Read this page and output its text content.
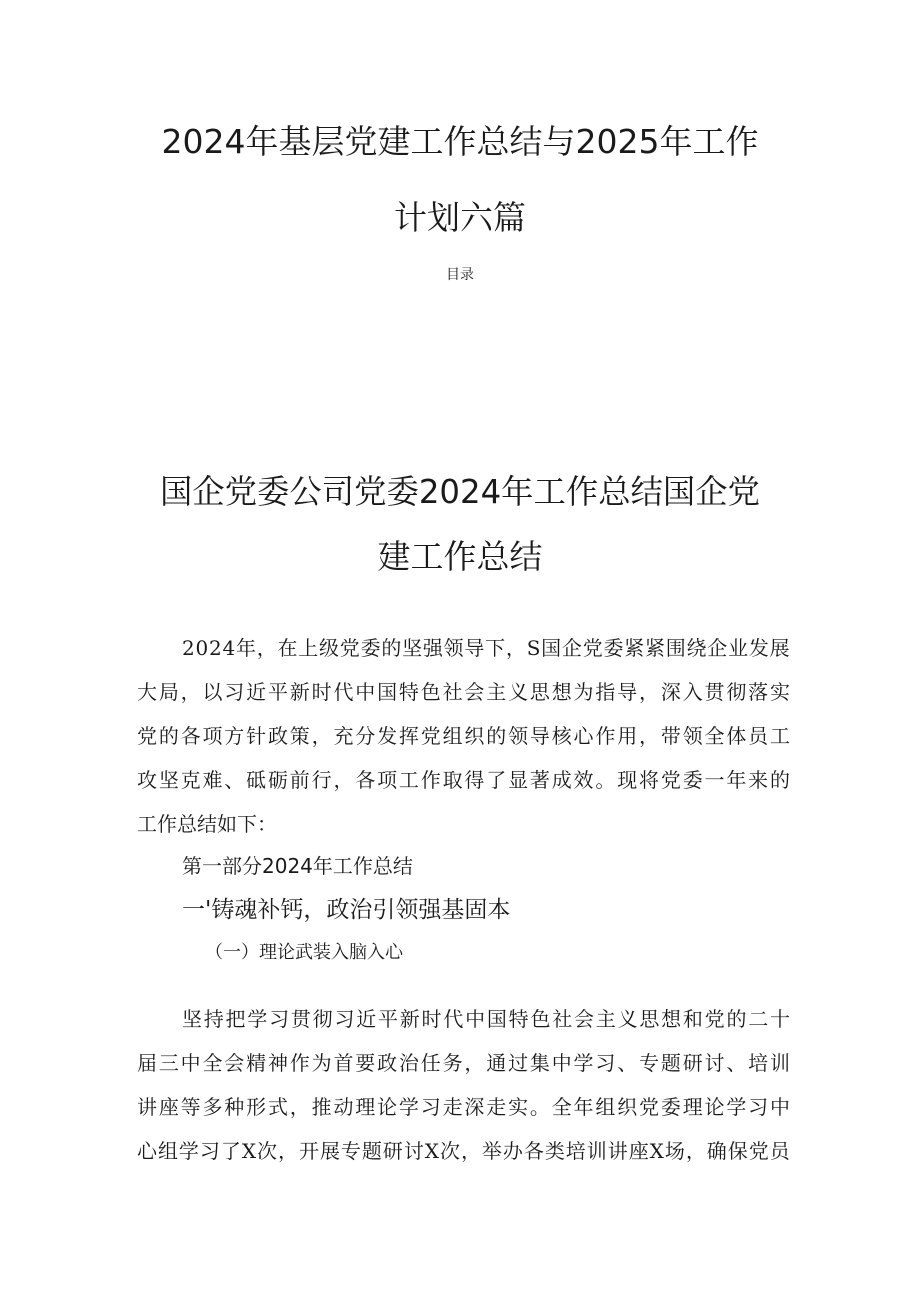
2024年基层党建工作总结与2025年工作
计划六篇
目录
国企党委公司党委2024年工作总结国企党
建工作总结
2024年，在上级党委的坚强领导下，S国企党委紧紧围绕企业发展
大局，以习近平新时代中国特色社会主义思想为指导，深入贯彻落实
党的各项方针政策，充分发挥党组织的领导核心作用，带领全体员工
攻坚克难、砥砺前行，各项工作取得了显著成效。现将党委一年来的
工作总结如下：
第一部分2024年工作总结
一'铸魂补钙，政治引领强基固本
（一）理论武装入脑入心
坚持把学习贯彻习近平新时代中国特色社会主义思想和党的二十
届三中全会精神作为首要政治任务，通过集中学习、专题研讨、培训
讲座等多种形式，推动理论学习走深走实。全年组织党委理论学习中
心组学习了X次，开展专题研讨X次，举办各类培训讲座X场，确保党员
